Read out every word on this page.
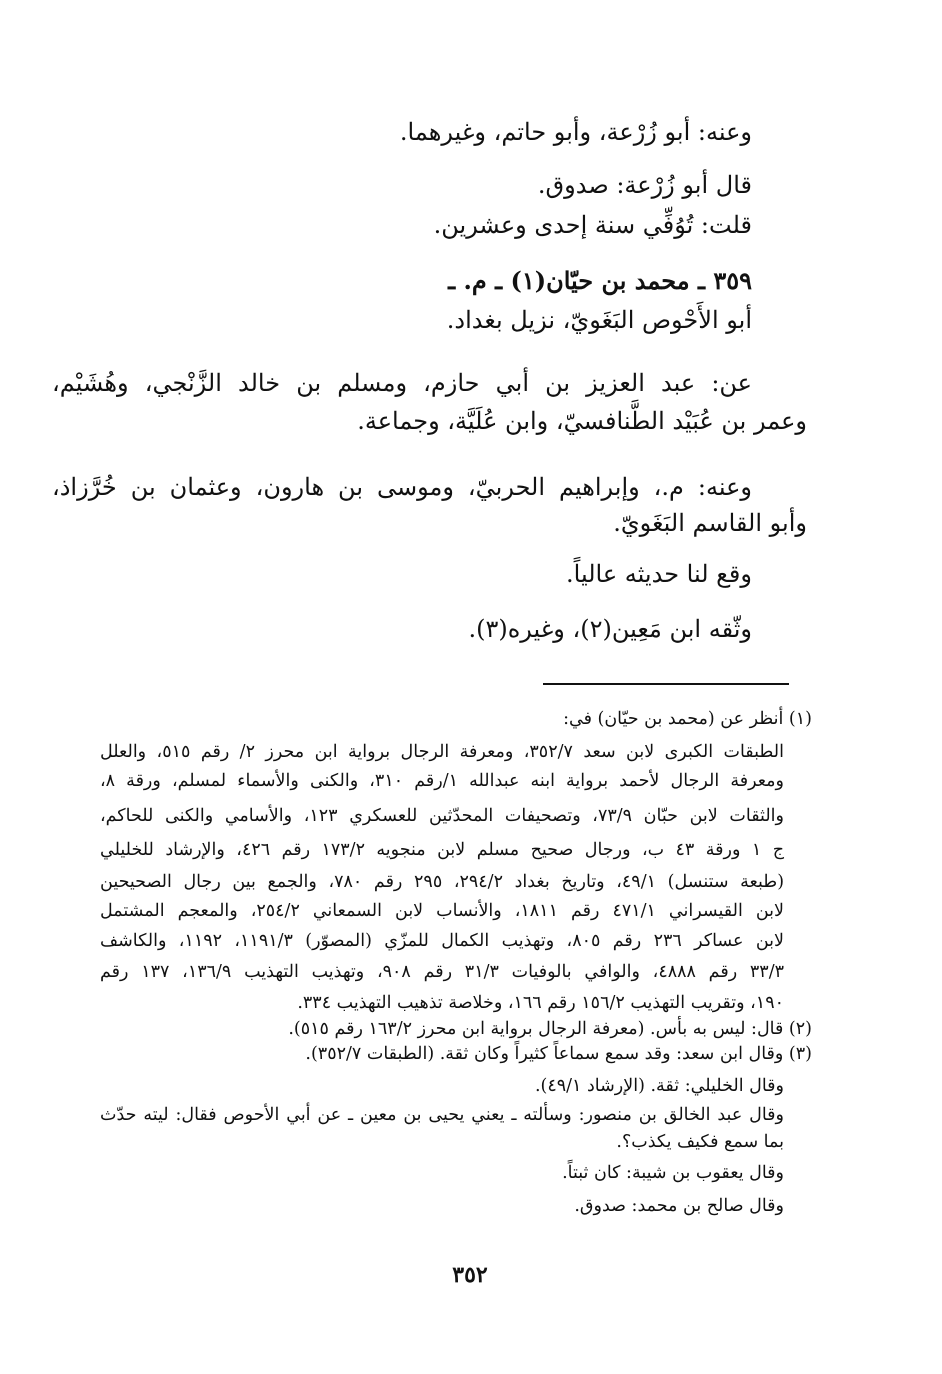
وعنه: أبو زُرْعة، وأبو حاتم، وغيرهما.
قال أبو زُرْعة: صدوق.
قلت: تُوُفِّي سنة إحدى وعشرين.
٣٥٩ ـ محمد بن حيّان(١) ـ م. ـ
أبو الأَحْوص البَغَويّ، نزيل بغداد.
عن: عبد العزيز بن أبي حازم، ومسلم بن خالد الزَّنْجي، وهُشَيْم،
وعمر بن عُبَيْد الطَّنافسيّ، وابن عُلَيَّة، وجماعة.
وعنه: م.، وإبراهيم الحربيّ، وموسى بن هارون، وعثمان بن خُرَّزاذ،
وأبو القاسم البَغَويّ.
وقع لنا حديثه عالياً.
وثّقه ابن مَعِين(٢)، وغيره(٣).
(١) أنظر عن (محمد بن حيّان) في:
الطبقات الكبرى لابن سعد ٣٥٢/٧، ومعرفة الرجال برواية ابن محرز ٢/ رقم ٥١٥، والعلل
ومعرفة الرجال لأحمد برواية ابنه عبدالله ١/رقم ٣١٠، والكنى والأسماء لمسلم، ورقة ٨،
والثقات لابن حبّان ٧٣/٩، وتصحيفات المحدّثين للعسكري ١٢٣، والأسامي والكنى للحاكم،
ج ١ ورقة ٤٣ ب، ورجال صحيح مسلم لابن منجويه ١٧٣/٢ رقم ٤٢٦، والإرشاد للخليلي
(طبعة ستنسل) ٤٩/١، وتاريخ بغداد ٢٩٤/٢، ٢٩٥ رقم ٧٨٠، والجمع بين رجال الصحيحين
لابن القيسراني ٤٧١/١ رقم ١٨١١، والأنساب لابن السمعاني ٢٥٤/٢، والمعجم المشتمل
لابن عساكر ٢٣٦ رقم ٨٠٥، وتهذيب الكمال للمزّي (المصوّر) ١١٩١/٣، ١١٩٢، والكاشف
٣٣/٣ رقم ٤٨٨٨، والوافي بالوفيات ٣١/٣ رقم ٩٠٨، وتهذيب التهذيب ١٣٦/٩، ١٣٧ رقم
١٩٠، وتقريب التهذيب ١٥٦/٢ رقم ١٦٦، وخلاصة تذهيب التهذيب ٣٣٤.
(٢) قال: ليس به بأس. (معرفة الرجال برواية ابن محرز ١٦٣/٢ رقم ٥١٥).
(٣) وقال ابن سعد: وقد سمع سماعاً كثيراً وكان ثقة. (الطبقات ٣٥٢/٧).
وقال الخليلي: ثقة. (الإرشاد ٤٩/١).
وقال عبد الخالق بن منصور: وسألته ـ يعني يحيى بن معين ـ عن أبي الأحوص فقال: ليته حدّث
بما سمع فكيف يكذب؟.
وقال يعقوب بن شيبة: كان ثبتاً.
وقال صالح بن محمد: صدوق.
٣٥٢
